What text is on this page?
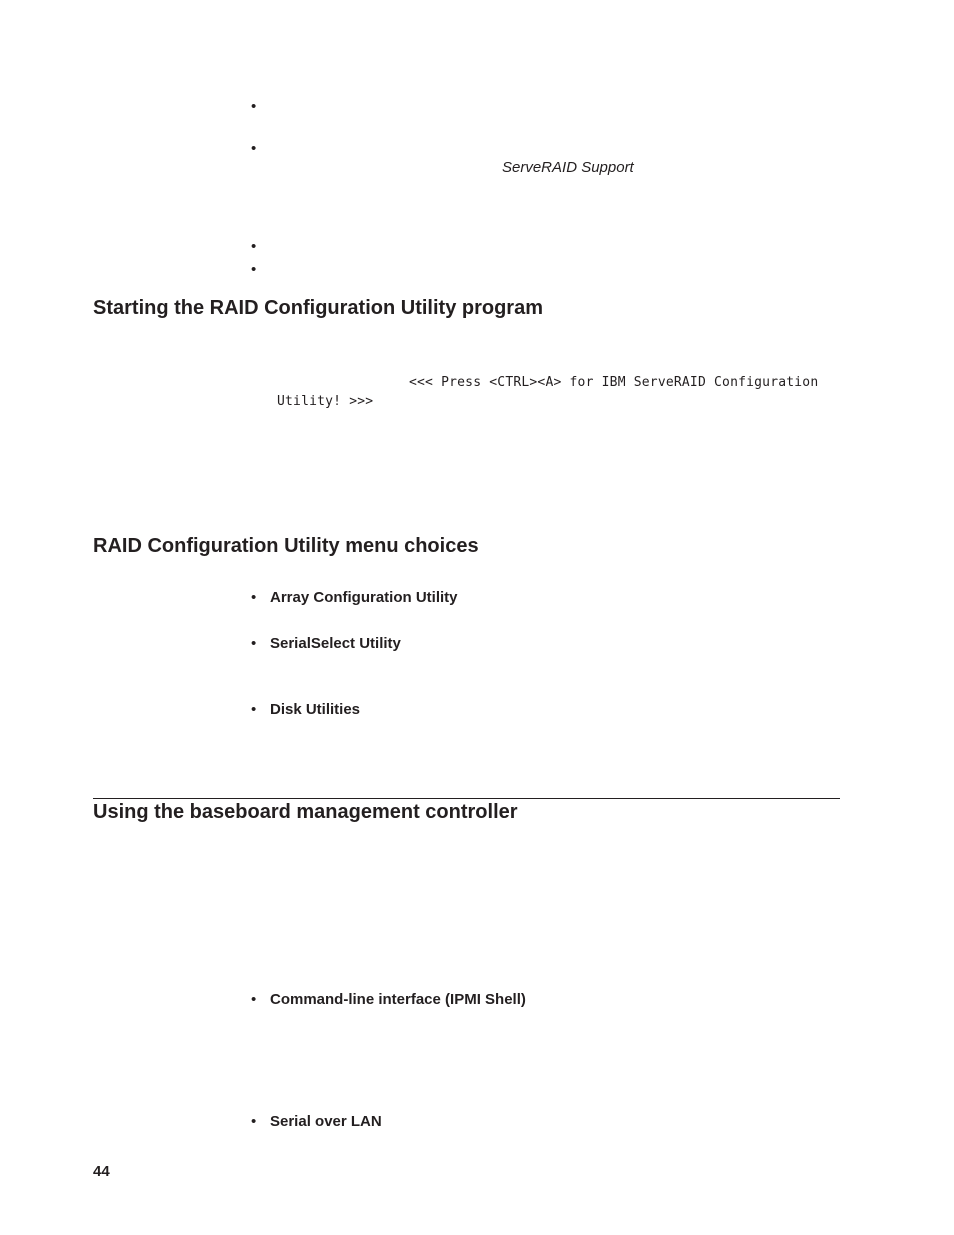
•
•
ServeRAID Support
•
•
Starting the RAID Configuration Utility program
<<< Press <CTRL><A> for IBM ServeRAID Configuration
Utility! >>>
RAID Configuration Utility menu choices
• Array Configuration Utility
• SerialSelect Utility
• Disk Utilities
Using the baseboard management controller
• Command-line interface (IPMI Shell)
• Serial over LAN
44
